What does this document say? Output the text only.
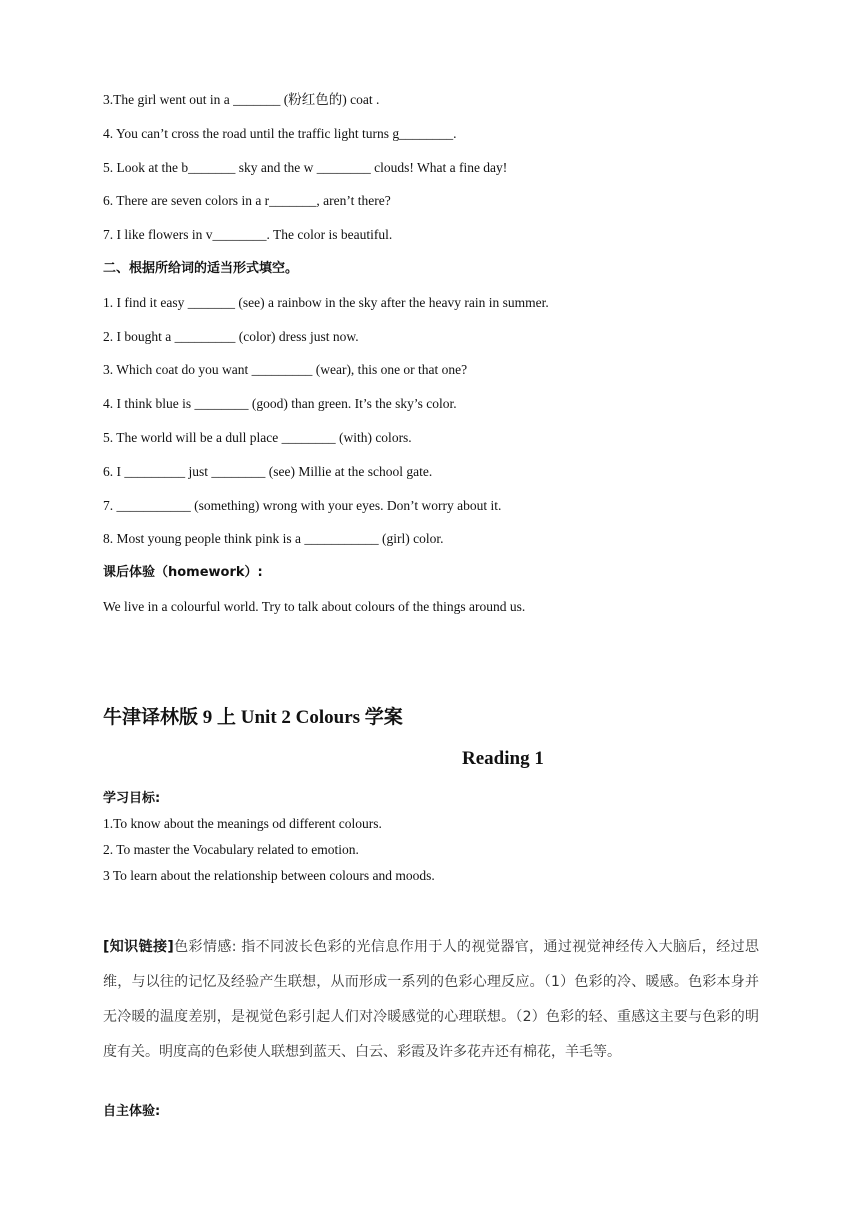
3.The girl went out in a _______ (粉红色的) coat .
4. You can’t cross the road until the traffic light turns g________.
5. Look at the b_______ sky and the w ________ clouds! What a fine day!
6. There are seven colors in a r_______, aren’t there?
7. I like flowers in v________. The color is beautiful.
二、根据所给词的适当形式填空。
1. I find it easy _______ (see) a rainbow in the sky after the heavy rain in summer.
2. I bought a _________ (color) dress just now.
3. Which coat do you want _________ (wear), this one or that one?
4. I think blue is ________ (good) than green. It’s the sky’s color.
5. The world will be a dull place ________ (with) colors.
6. I _________ just ________ (see) Millie at the school gate.
7. ___________ (something) wrong with your eyes. Don’t worry about it.
8. Most young people think pink is a ___________ (girl) color.
课后体验（homework）:
We live in a colourful world. Try to talk about colours of the things around us.
牛津译林版 9 上 Unit 2 Colours 学案
Reading 1
学习目标:
1.To know about the meanings od different colours.
2. To master the Vocabulary related to emotion.
3 To learn about the relationship between colours and moods.
[知识链接]色彩情感: 指不同波长色彩的光信息作用于人的视觉器官，通过视觉神经传入大脑后，经过思维，与以往的记忆及经验产生联想，从而形成一系列的色彩心理反应。（1）色彩的冷、暖感。色彩本身并无冷暖的温度差别，是视觉色彩引起人们对冷暖感觉的心理联想。（2）色彩的轻、重感这主要与色彩的明度有关。明度高的色彩使人联想到蓝天、白云、彩霞及许多花卉还有棉花，羊毛等。
自主体验:
